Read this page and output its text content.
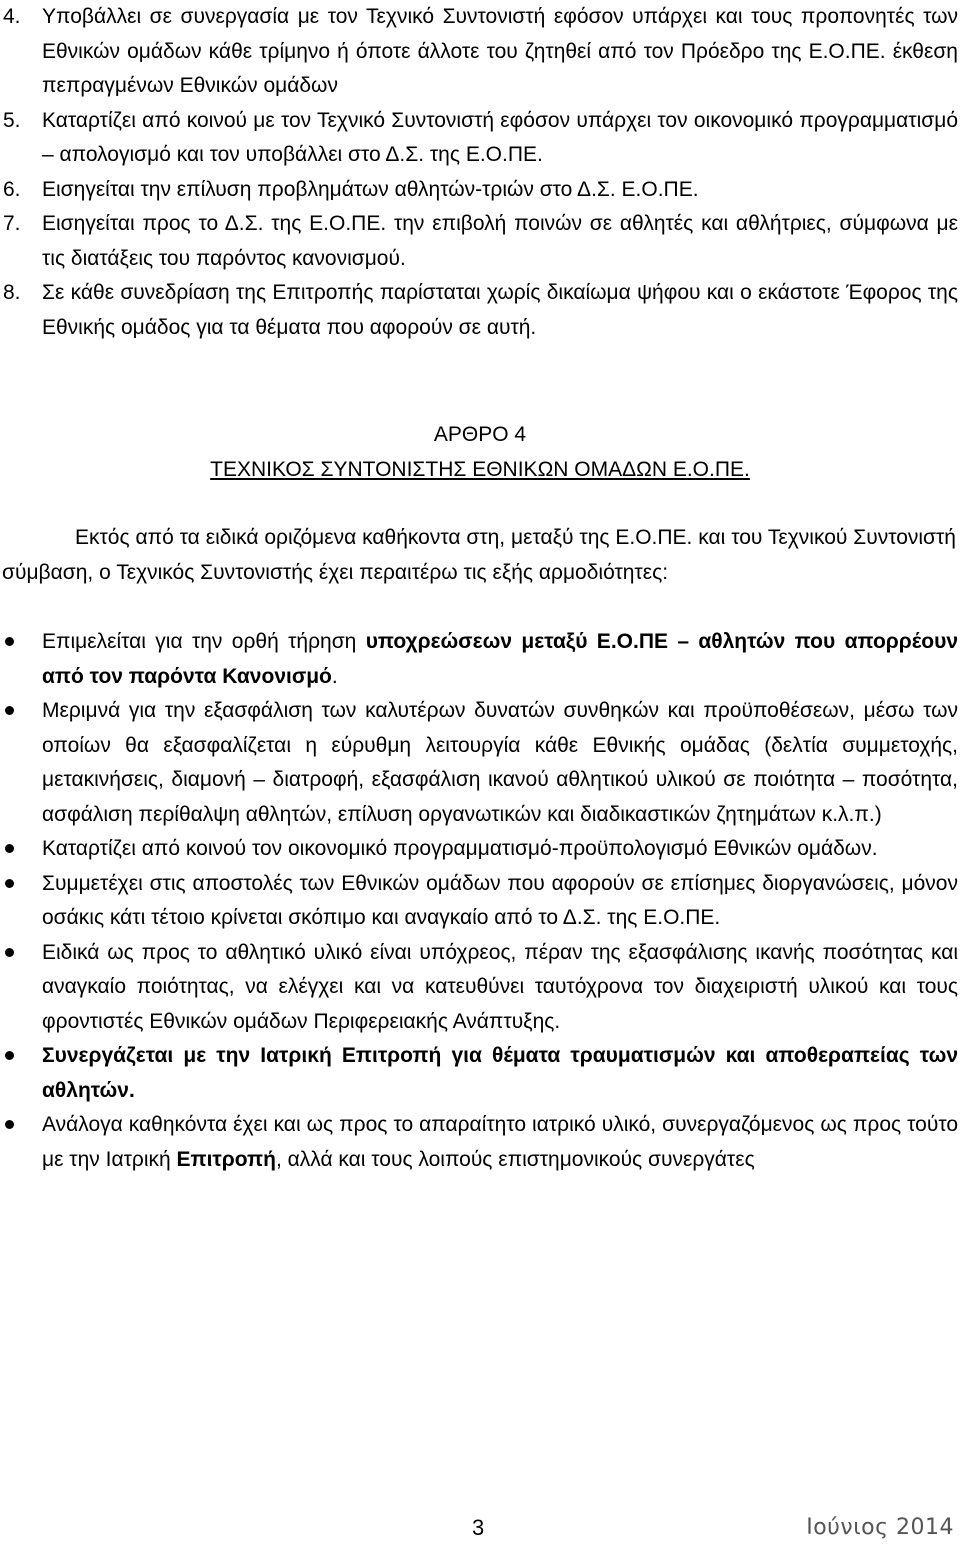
4. Υποβάλλει σε συνεργασία με τον Τεχνικό Συντονιστή εφόσον υπάρχει και τους προπονητές των Εθνικών ομάδων κάθε τρίμηνο ή όποτε άλλοτε του ζητηθεί από τον Πρόεδρο της Ε.Ο.ΠΕ. έκθεση πεπραγμένων Εθνικών ομάδων

5. Καταρτίζει από κοινού με τον Τεχνικό Συντονιστή εφόσον υπάρχει τον οικονομικό προγραμματισμό – απολογισμό και τον υποβάλλει στο Δ.Σ. της Ε.Ο.ΠΕ.

6. Εισηγείται την επίλυση προβλημάτων αθλητών-τριών στο Δ.Σ. Ε.Ο.ΠΕ.

7. Εισηγείται προς το Δ.Σ. της Ε.Ο.ΠΕ. την επιβολή ποινών σε αθλητές και αθλήτριες, σύμφωνα με τις διατάξεις του παρόντος κανονισμού.

8. Σε κάθε συνεδρίαση της Επιτροπής παρίσταται χωρίς δικαίωμα ψήφου και ο εκάστοτε Έφορος της Εθνικής ομάδος για τα θέματα που αφορούν σε αυτή.

ΑΡΘΡΟ 4
ΤΕΧΝΙΚΟΣ ΣΥΝΤΟΝΙΣΤΗΣ ΕΘΝΙΚΩΝ ΟΜΑΔΩΝ Ε.Ο.ΠΕ.

Εκτός από τα ειδικά οριζόμενα καθήκοντα στη, μεταξύ της Ε.Ο.ΠΕ. και του Τεχνικού Συντονιστή σύμβαση, ο Τεχνικός Συντονιστής έχει περαιτέρω τις εξής αρμοδιότητες:

Επιμελείται για την ορθή τήρηση υποχρεώσεων μεταξύ Ε.Ο.ΠΕ – αθλητών που απορρέουν από τον παρόντα Κανονισμό.
Μεριμνά για την εξασφάλιση των καλυτέρων δυνατών συνθηκών και προϋποθέσεων, μέσω των οποίων θα εξασφαλίζεται η εύρυθμη λειτουργία κάθε Εθνικής ομάδας (δελτία συμμετοχής, μετακινήσεις, διαμονή – διατροφή, εξασφάλιση ικανού αθλητικού υλικού σε ποιότητα – ποσότητα, ασφάλιση περίθαλψη αθλητών, επίλυση οργανωτικών και διαδικαστικών ζητημάτων κ.λ.π.)
Καταρτίζει από κοινού τον οικονομικό προγραμματισμό-προϋπολογισμό Εθνικών ομάδων.
Συμμετέχει στις αποστολές των Εθνικών ομάδων που αφορούν σε επίσημες διοργανώσεις, μόνον οσάκις κάτι τέτοιο κρίνεται σκόπιμο και αναγκαίο από το Δ.Σ. της Ε.Ο.ΠΕ.
Ειδικά ως προς το αθλητικό υλικό είναι υπόχρεος, πέραν της εξασφάλισης ικανής ποσότητας και αναγκαίο ποιότητας, να ελέγχει και να κατευθύνει ταυτόχρονα τον διαχειριστή υλικού και τους φροντιστές Εθνικών ομάδων Περιφερειακής Ανάπτυξης.
Συνεργάζεται με την Ιατρική Επιτροπή για θέματα τραυματισμών και αποθεραπείας των αθλητών.
Ανάλογα καθηκόντα έχει και ως προς το απαραίτητο ιατρικό υλικό, συνεργαζόμενος ως προς τούτο με την Ιατρική Επιτροπή, αλλά και τους λοιπούς επιστημονικούς συνεργάτες
3	Ιούνιος 2014
